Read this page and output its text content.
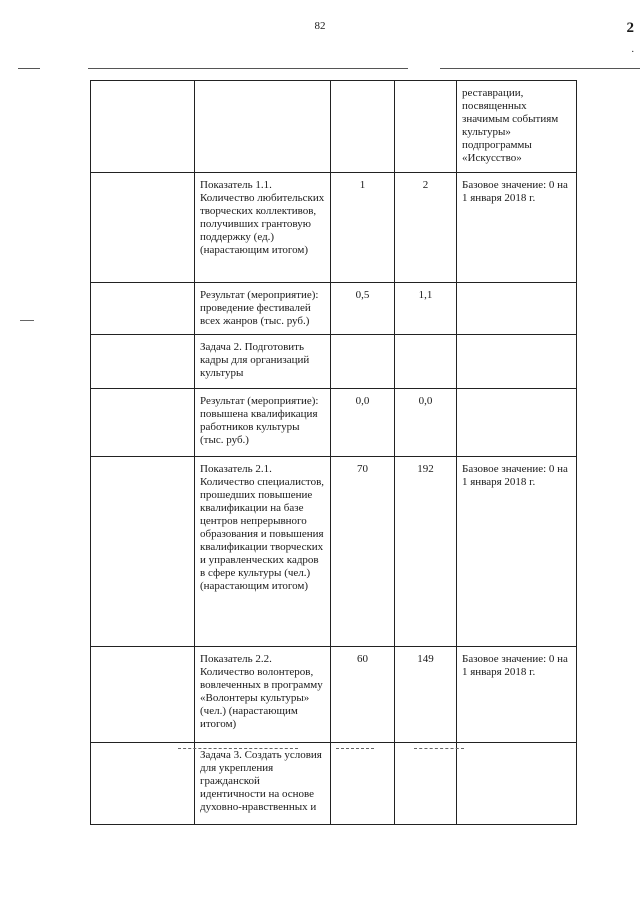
82	2
.
				реставрации, посвященных значимым событиям культуры» подпрограммы «Искусство»
	Показатель 1.1. Количество любительских творческих коллективов, получивших грантовую поддержку (ед.) (нарастающим итогом)	1	2	Базовое значение: 0 на 1 января 2018 г.
	Результат (мероприятие): проведение фестивалей всех жанров (тыс. руб.)	0,5	1,1	
	Задача 2. Подготовить кадры для организаций культуры			
	Результат (мероприятие): повышена квалификация работников культуры (тыс. руб.)	0,0	0,0	
	Показатель 2.1. Количество специалистов, прошедших повышение квалификации на базе центров непрерывного образования и повышения квалификации творческих и управленческих кадров в сфере культуры (чел.) (нарастающим итогом)	70	192	Базовое значение: 0 на 1 января 2018 г.
	Показатель 2.2. Количество волонтеров, вовлеченных в программу «Волонтеры культуры» (чел.) (нарастающим итогом)	60	149	Базовое значение: 0 на 1 января 2018 г.
	Задача 3. Создать условия для укрепления гражданской идентичности на основе духовно-нравственных и			
